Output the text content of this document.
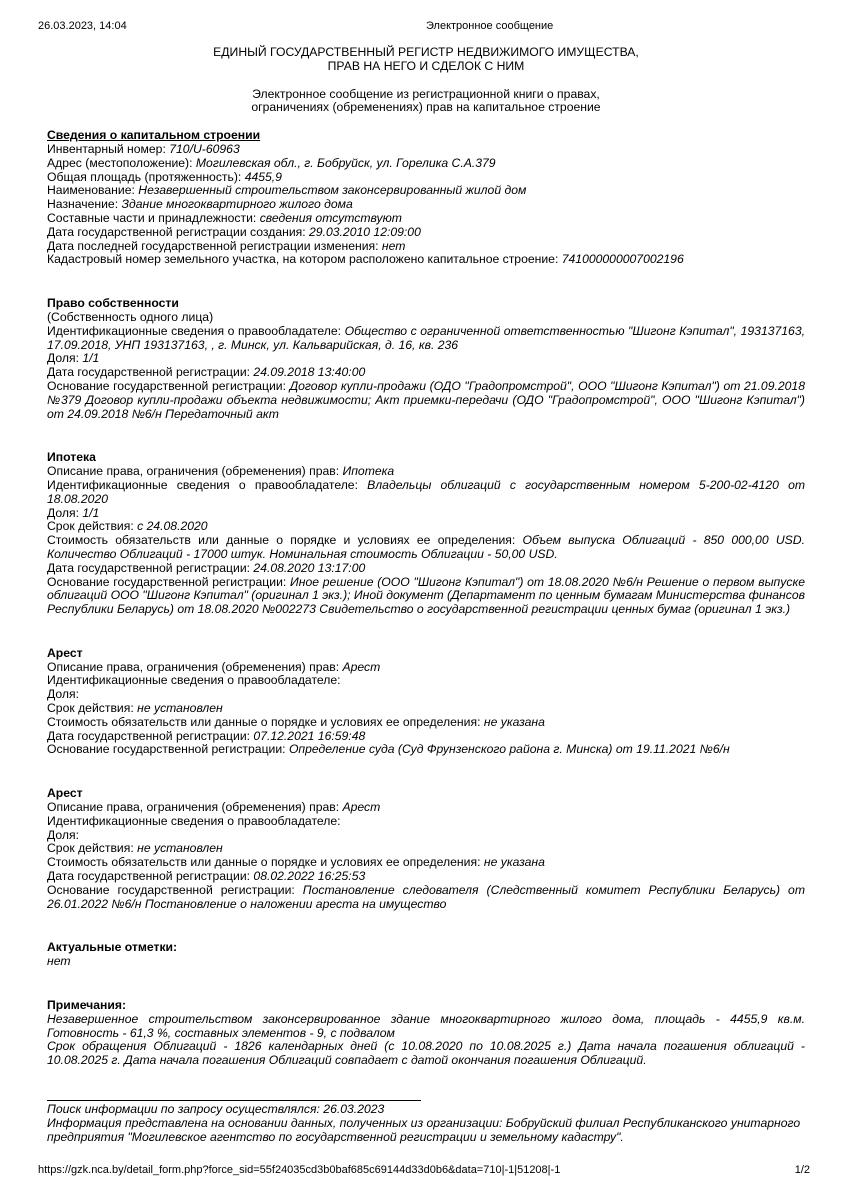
26.03.2023, 14:04	Электронное сообщение
ЕДИНЫЙ ГОСУДАРСТВЕННЫЙ РЕГИСТР НЕДВИЖИМОГО ИМУЩЕСТВА,
ПРАВ НА НЕГО И СДЕЛОК С НИМ
Электронное сообщение из регистрационной книги о правах,
ограничениях (обременениях) прав на капитальное строение
Сведения о капитальном строении
Инвентарный номер: 710/U-60963
Адрес (местоположение): Могилевская обл., г. Бобруйск, ул. Горелика С.А.379
Общая площадь (протяженность): 4455,9
Наименование: Незавершенный строительством законсервированный жилой дом
Назначение: Здание многоквартирного жилого дома
Составные части и принадлежности: сведения отсутствуют
Дата государственной регистрации создания: 29.03.2010 12:09:00
Дата последней государственной регистрации изменения: нет
Кадастровый номер земельного участка, на котором расположено капитальное строение: 741000000007002196
Право собственности
(Собственность одного лица)
Идентификационные сведения о правообладателе: Общество с ограниченной ответственностью "Шигонг Кэпитал", 193137163, 17.09.2018, УНП 193137163, , г. Минск, ул. Кальварийская, д. 16, кв. 236
Доля: 1/1
Дата государственной регистрации: 24.09.2018 13:40:00
Основание государственной регистрации: Договор купли-продажи (ОДО "Градопромстрой", ООО "Шигонг Кэпитал") от 21.09.2018 №379 Договор купли-продажи объекта недвижимости; Акт приемки-передачи (ОДО "Градопромстрой", ООО "Шигонг Кэпитал") от 24.09.2018 №6/н Передаточный акт
Ипотека
Описание права, ограничения (обременения) прав: Ипотека
Идентификационные сведения о правообладателе: Владельцы облигаций с государственным номером 5-200-02-4120 от 18.08.2020
Доля: 1/1
Срок действия: с 24.08.2020
Стоимость обязательств или данные о порядке и условиях ее определения: Объем выпуска Облигаций - 850 000,00 USD. Количество Облигаций - 17000 штук. Номинальная стоимость Облигации - 50,00 USD.
Дата государственной регистрации: 24.08.2020 13:17:00
Основание государственной регистрации: Иное решение (ООО "Шигонг Кэпитал") от 18.08.2020 №6/н Решение о первом выпуске облигаций ООО "Шигонг Кэпитал" (оригинал 1 экз.); Иной документ (Департамент по ценным бумагам Министерства финансов Республики Беларусь) от 18.08.2020 №002273 Свидетельство о государственной регистрации ценных бумаг (оригинал 1 экз.)
Арест
Описание права, ограничения (обременения) прав: Арест
Идентификационные сведения о правообладателе:
Доля:
Срок действия: не установлен
Стоимость обязательств или данные о порядке и условиях ее определения: не указана
Дата государственной регистрации: 07.12.2021 16:59:48
Основание государственной регистрации: Определение суда (Суд Фрунзенского района г. Минска) от 19.11.2021 №6/н
Арест
Описание права, ограничения (обременения) прав: Арест
Идентификационные сведения о правообладателе:
Доля:
Срок действия: не установлен
Стоимость обязательств или данные о порядке и условиях ее определения: не указана
Дата государственной регистрации: 08.02.2022 16:25:53
Основание государственной регистрации: Постановление следователя (Следственный комитет Республики Беларусь) от 26.01.2022 №6/н Постановление о наложении ареста на имущество
Актуальные отметки:
нет
Примечания:
Незавершенное строительством законсервированное здание многоквартирного жилого дома, площадь - 4455,9 кв.м. Готовность - 61,3 %, составных элементов - 9, с подвалом
Срок обращения Облигаций - 1826 календарных дней (с 10.08.2020 по 10.08.2025 г.) Дата начала погашения облигаций - 10.08.2025 г. Дата начала погашения Облигаций совпадает с датой окончания погашения Облигаций.
Поиск информации по запросу осуществлялся: 26.03.2023
Информация представлена на основании данных, полученных из организации: Бобруйский филиал Республиканского унитарного предприятия "Могилевское агентство по государственной регистрации и земельному кадастру".
https://gzk.nca.by/detail_form.php?force_sid=55f24035cd3b0baf685c69144d33d0b6&data=710|-1|51208|-1	1/2
